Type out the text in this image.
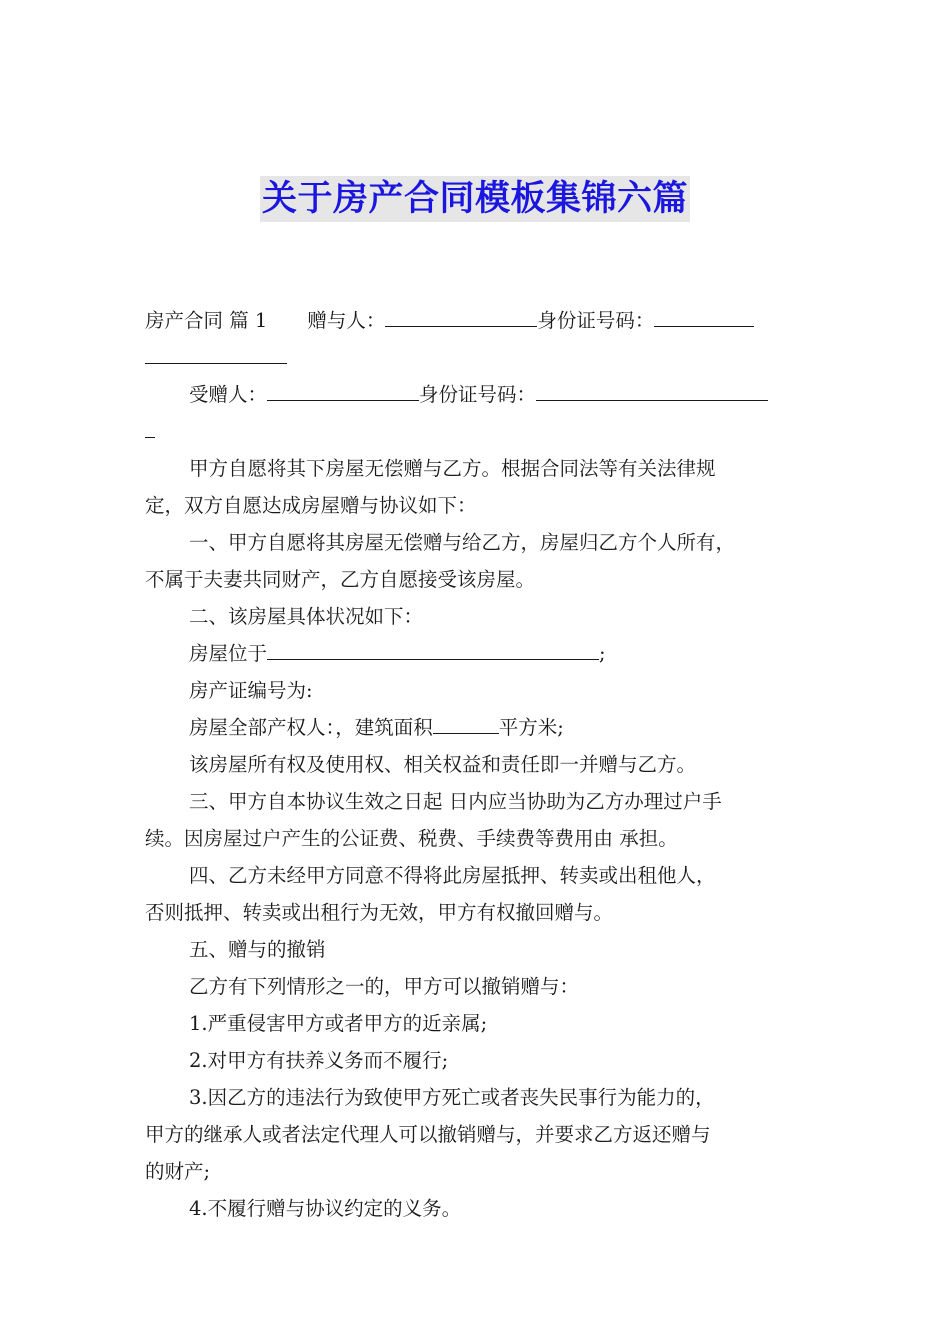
关于房产合同模板集锦六篇
房产合同 篇 1 赠与人：	身份证号码：
受赠人：	身份证号码：
甲方自愿将其下房屋无偿赠与乙方。根据合同法等有关法律规
定，双方自愿达成房屋赠与协议如下：
一、甲方自愿将其房屋无偿赠与给乙方，房屋归乙方个人所有，
不属于夫妻共同财产，乙方自愿接受该房屋。
二、该房屋具体状况如下：
房屋位于	;
房产证编号为:
房屋全部产权人：，建筑面积	平方米;
该房屋所有权及使用权、相关权益和责任即一并赠与乙方。
三、甲方自本协议生效之日起 日内应当协助为乙方办理过户手
续。因房屋过户产生的公证费、税费、手续费等费用由 承担。
四、乙方未经甲方同意不得将此房屋抵押、转卖或出租他人，
否则抵押、转卖或出租行为无效，甲方有权撤回赠与。
五、赠与的撤销
乙方有下列情形之一的，甲方可以撤销赠与：
1.严重侵害甲方或者甲方的近亲属;
2.对甲方有扶养义务而不履行;
3.因乙方的违法行为致使甲方死亡或者丧失民事行为能力的，
甲方的继承人或者法定代理人可以撤销赠与，并要求乙方返还赠与
的财产;
4.不履行赠与协议约定的义务。
